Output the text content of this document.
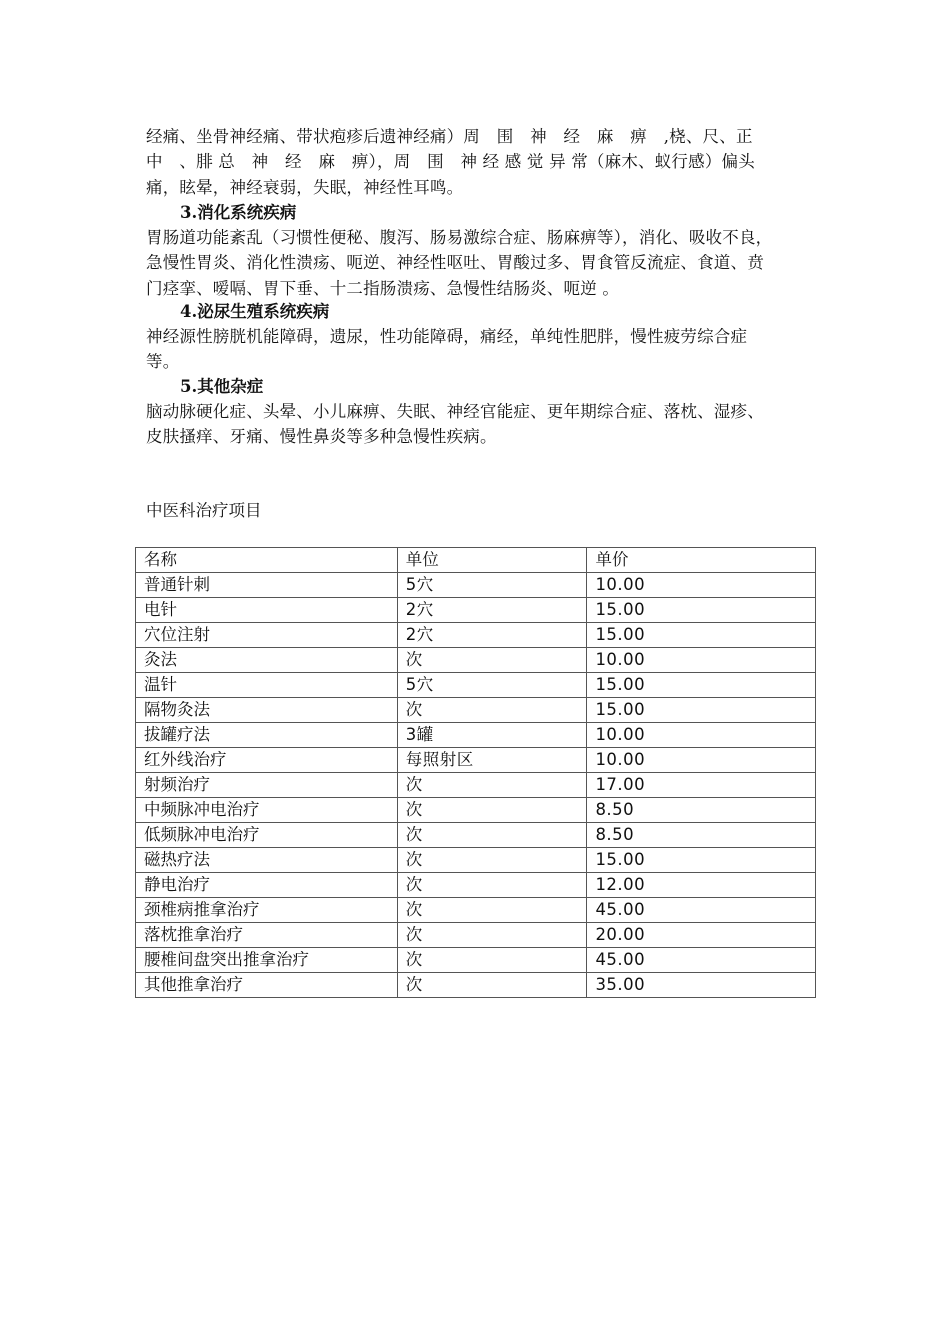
经痛、坐骨神经痛、带状疱疹后遗神经痛）周　围　神　经　麻　痹　,桡、尺、正
中　、腓 总　神　经　麻　痹），周　围　神 经 感 觉 异 常（麻木、蚁行感）偏头
痛，眩晕，神经衰弱，失眠，神经性耳鸣。

3.消化系统疾病

胃肠道功能紊乱（习惯性便秘、腹泻、肠易激综合症、肠麻痹等），消化、吸收不良，
急慢性胃炎、消化性溃疡、呃逆、神经性呕吐、胃酸过多、胃食管反流症、食道、贲
门痉挛、嗳嗝、胃下垂、十二指肠溃疡、急慢性结肠炎、呃逆 。

4.泌尿生殖系统疾病

神经源性膀胱机能障碍，遗尿，性功能障碍，痛经，单纯性肥胖，慢性疲劳综合症
等。

5.其他杂症

脑动脉硬化症、头晕、小儿麻痹、失眠、神经官能症、更年期综合症、落枕、湿疹、
皮肤搔痒、牙痛、慢性鼻炎等多种急慢性疾病。

中医科治疗项目

名称	单位	单价
普通针刺	5穴	10.00
电针	2穴	15.00
穴位注射	2穴	15.00
灸法	次	10.00
温针	5穴	15.00
隔物灸法	次	15.00
拔罐疗法	3罐	10.00
红外线治疗	每照射区	10.00
射频治疗	次	17.00
中频脉冲电治疗	次	8.50
低频脉冲电治疗	次	8.50
磁热疗法	次	15.00
静电治疗	次	12.00
颈椎病推拿治疗	次	45.00
落枕推拿治疗	次	20.00
腰椎间盘突出推拿治疗	次	45.00
其他推拿治疗	次	35.00
